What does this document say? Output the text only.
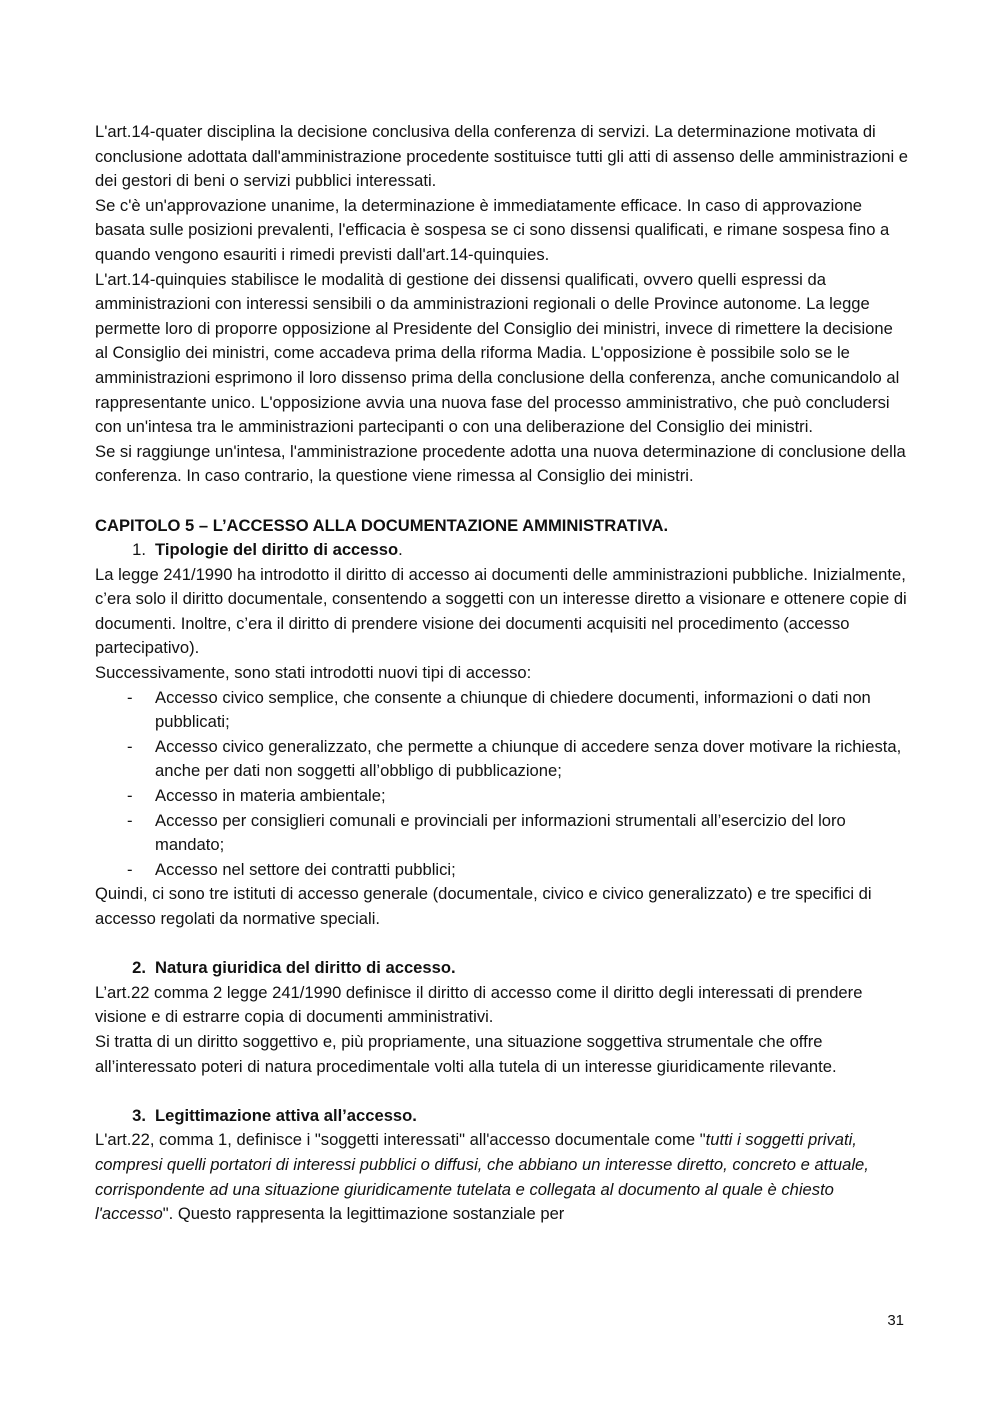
L'art.14-quater disciplina la decisione conclusiva della conferenza di servizi. La determinazione motivata di conclusione adottata dall'amministrazione procedente sostituisce tutti gli atti di assenso delle amministrazioni e dei gestori di beni o servizi pubblici interessati.

Se c'è un'approvazione unanime, la determinazione è immediatamente efficace. In caso di approvazione basata sulle posizioni prevalenti, l'efficacia è sospesa se ci sono dissensi qualificati, e rimane sospesa fino a quando vengono esauriti i rimedi previsti dall'art.14-quinquies.

L'art.14-quinquies stabilisce le modalità di gestione dei dissensi qualificati, ovvero quelli espressi da amministrazioni con interessi sensibili o da amministrazioni regionali o delle Province autonome. La legge permette loro di proporre opposizione al Presidente del Consiglio dei ministri, invece di rimettere la decisione al Consiglio dei ministri, come accadeva prima della riforma Madia. L'opposizione è possibile solo se le amministrazioni esprimono il loro dissenso prima della conclusione della conferenza, anche comunicandolo al rappresentante unico. L'opposizione avvia una nuova fase del processo amministrativo, che può concludersi con un'intesa tra le amministrazioni partecipanti o con una deliberazione del Consiglio dei ministri.

Se si raggiunge un'intesa, l'amministrazione procedente adotta una nuova determinazione di conclusione della conferenza. In caso contrario, la questione viene rimessa al Consiglio dei ministri.

CAPITOLO 5 – L’ACCESSO ALLA DOCUMENTAZIONE AMMINISTRATIVA.

1. Tipologie del diritto di accesso.

La legge 241/1990 ha introdotto il diritto di accesso ai documenti delle amministrazioni pubbliche. Inizialmente, c’era solo il diritto documentale, consentendo a soggetti con un interesse diretto a visionare e ottenere copie di documenti. Inoltre, c’era il diritto di prendere visione dei documenti acquisiti nel procedimento (accesso partecipativo).

Successivamente, sono stati introdotti nuovi tipi di accesso:

-	Accesso civico semplice, che consente a chiunque di chiedere documenti, informazioni o dati non pubblicati;
-	Accesso civico generalizzato, che permette a chiunque di accedere senza dover motivare la richiesta, anche per dati non soggetti all’obbligo di pubblicazione;
-	Accesso in materia ambientale;
-	Accesso per consiglieri comunali e provinciali per informazioni strumentali all’esercizio del loro mandato;
-	Accesso nel settore dei contratti pubblici;

Quindi, ci sono tre istituti di accesso generale (documentale, civico e civico generalizzato) e tre specifici di accesso regolati da normative speciali.

2. Natura giuridica del diritto di accesso.

L’art.22 comma 2 legge 241/1990 definisce il diritto di accesso come il diritto degli interessati di prendere visione e di estrarre copia di documenti amministrativi.

Si tratta di un diritto soggettivo e, più propriamente, una situazione soggettiva strumentale che offre all’interessato poteri di natura procedimentale volti alla tutela di un interesse giuridicamente rilevante.

3. Legittimazione attiva all’accesso.

L'art.22, comma 1, definisce i "soggetti interessati" all'accesso documentale come "tutti i soggetti privati, compresi quelli portatori di interessi pubblici o diffusi, che abbiano un interesse diretto, concreto e attuale, corrispondente ad una situazione giuridicamente tutelata e collegata al documento al quale è chiesto l'accesso". Questo rappresenta la legittimazione sostanziale per

31
